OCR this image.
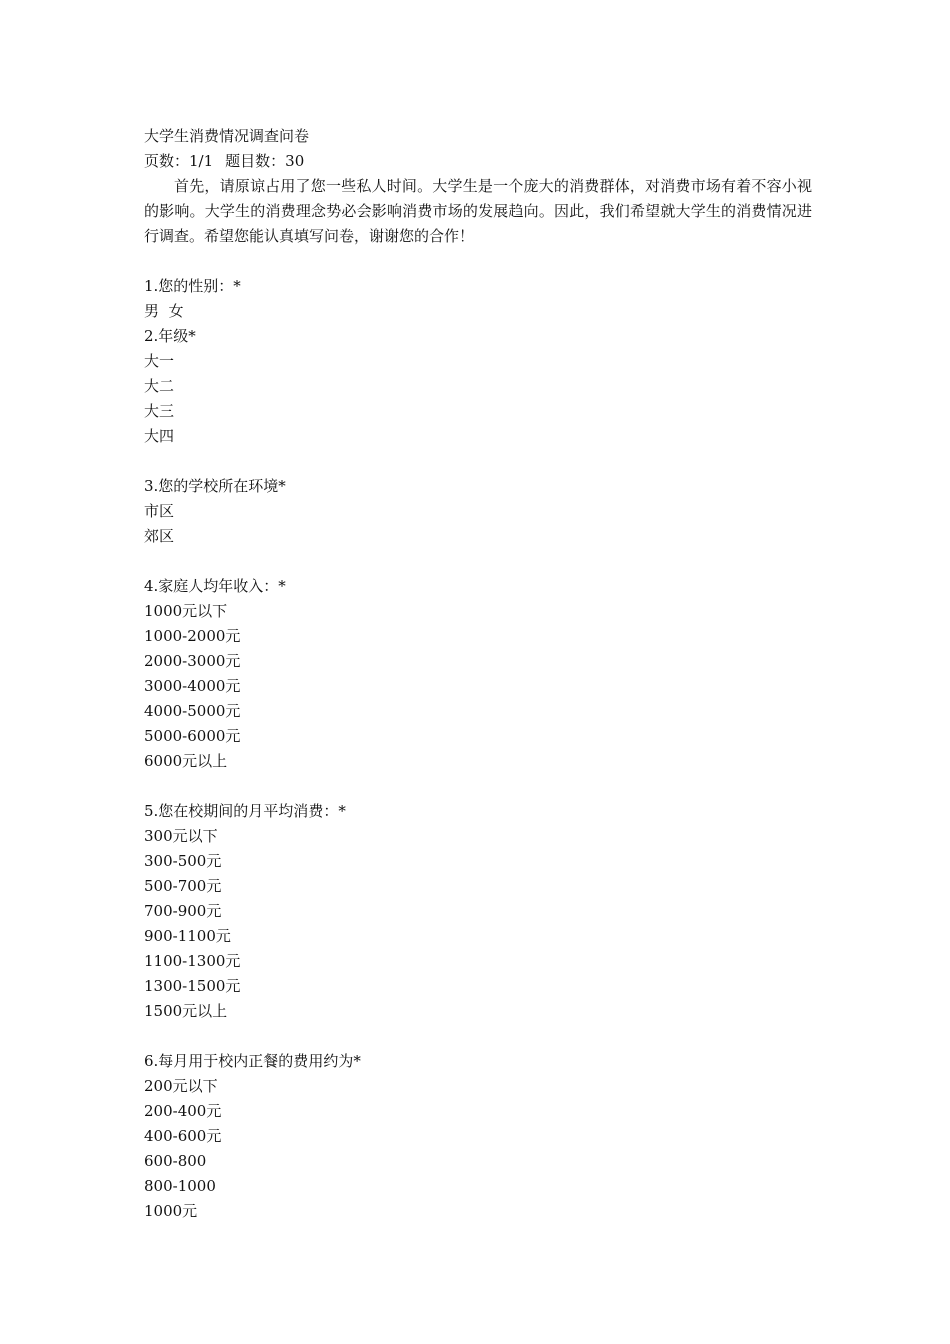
大学生消费情况调查问卷
页数：1/1 题目数：30

首先，请原谅占用了您一些私人时间。大学生是一个庞大的消费群体，对消费市场有着不容小视的影响。大学生的消费理念势必会影响消费市场的发展趋向。因此，我们希望就大学生的消费情况进行调查。希望您能认真填写问卷，谢谢您的合作！

1.您的性别：*
男  女
2.年级*
大一
大二
大三
大四
3.您的学校所在环境*
市区
郊区
4.家庭人均年收入：*
1000元以下
1000-2000元
2000-3000元
3000-4000元
4000-5000元
5000-6000元
6000元以上
5.您在校期间的月平均消费：*
300元以下
300-500元
500-700元
700-900元
900-1100元
1100-1300元
1300-1500元
1500元以上
6.每月用于校内正餐的费用约为*
200元以下
200-400元
400-600元
600-800
800-1000
1000元
